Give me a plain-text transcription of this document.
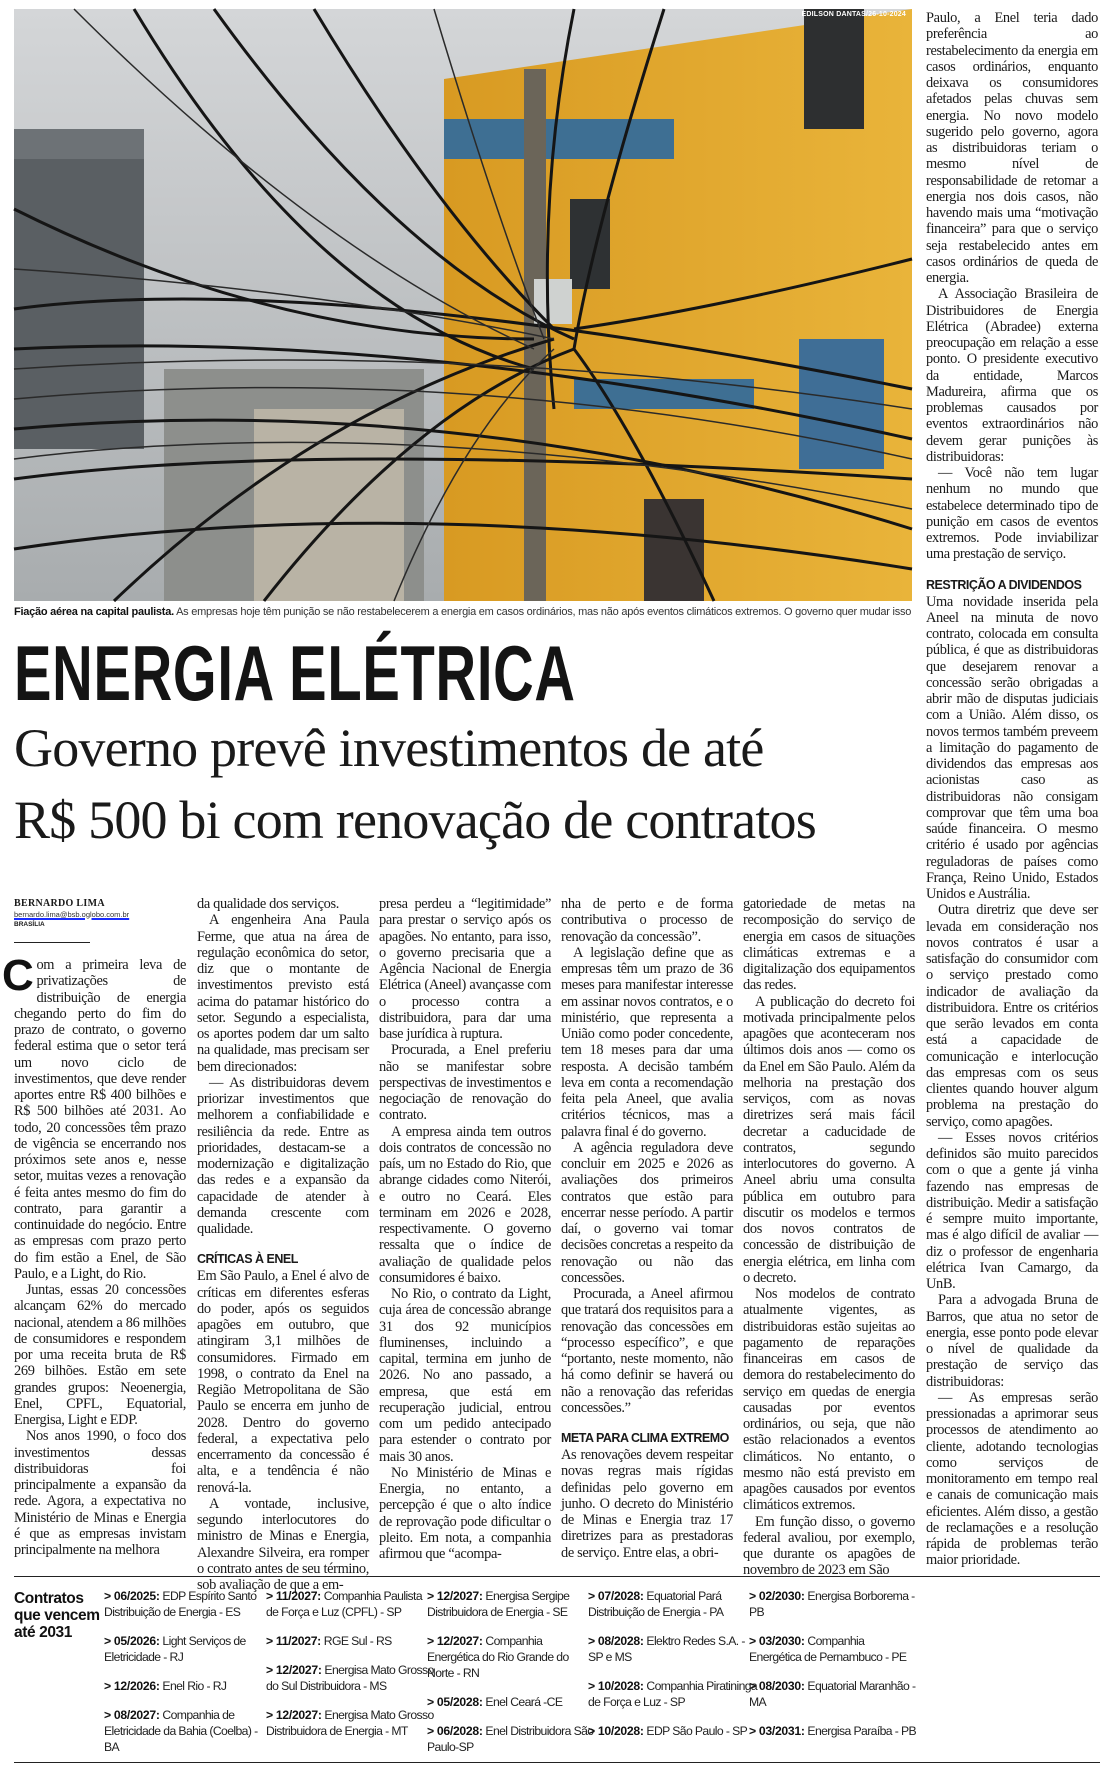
EDILSON DANTAS/26-10-2024
Fiação aérea na capital paulista. As empresas hoje têm punição se não restabelecerem a energia em casos ordinários, mas não após eventos climáticos extremos. O governo quer mudar isso
ENERGIA ELÉTRICA
Governo prevê investimentos de até
R$ 500 bi com renovação de contratos
BERNARDO LIMA
bernardo.lima@bsb.oglobo.com.br
BRASÍLIA

Com a primeira leva de privatizações de distribuição de energia chegando perto do fim do prazo de contrato, o governo federal estima que o setor terá um novo ciclo de investimentos, que deve render aportes entre R$ 400 bilhões e R$ 500 bilhões até 2031. Ao todo, 20 concessões têm prazo de vigência se encerrando nos próximos sete anos e, nesse setor, muitas vezes a renovação é feita antes mesmo do fim do contrato, para garantir a continuidade do negócio. Entre as empresas com prazo perto do fim estão a Enel, de São Paulo, e a Light, do Rio.

Juntas, essas 20 concessões alcançam 62% do mercado nacional, atendem a 86 milhões de consumidores e respondem por uma receita bruta de R$ 269 bilhões. Estão em sete grandes grupos: Neoenergia, Enel, CPFL, Equatorial, Energisa, Light e EDP.

Nos anos 1990, o foco dos investimentos dessas distribuidoras foi principalmente a expansão da rede. Agora, a expectativa no Ministério de Minas e Energia é que as empresas invistam principalmente na melhora

da qualidade dos serviços.

A engenheira Ana Paula Ferme, que atua na área de regulação econômica do setor, diz que o montante de investimentos previsto está acima do patamar histórico do setor. Segundo a especialista, os aportes podem dar um salto na qualidade, mas precisam ser bem direcionados:

— As distribuidoras devem priorizar investimentos que melhorem a confiabilidade e resiliência da rede. Entre as prioridades, destacam-se a modernização e digitalização das redes e a expansão da capacidade de atender à demanda crescente com qualidade.

CRÍTICAS À ENEL

Em São Paulo, a Enel é alvo de críticas em diferentes esferas do poder, após os seguidos apagões em outubro, que atingiram 3,1 milhões de consumidores. Firmado em 1998, o contrato da Enel na Região Metropolitana de São Paulo se encerra em junho de 2028. Dentro do governo federal, a expectativa pelo encerramento da concessão é alta, e a tendência é não renová-la.

A vontade, inclusive, segundo interlocutores do ministro de Minas e Energia, Alexandre Silveira, era romper o contrato antes de seu término, sob avaliação de que a em-

presa perdeu a “legitimidade” para prestar o serviço após os apagões. No entanto, para isso, o governo precisaria que a Agência Nacional de Energia Elétrica (Aneel) avançasse com o processo contra a distribuidora, para dar uma base jurídica à ruptura.

Procurada, a Enel preferiu não se manifestar sobre perspectivas de investimentos e negociação de renovação do contrato.

A empresa ainda tem outros dois contratos de concessão no país, um no Estado do Rio, que abrange cidades como Niterói, e outro no Ceará. Eles terminam em 2026 e 2028, respectivamente. O governo ressalta que o índice de avaliação de qualidade pelos consumidores é baixo.

No Rio, o contrato da Light, cuja área de concessão abrange 31 dos 92 municípios fluminenses, incluindo a capital, termina em junho de 2026. No ano passado, a empresa, que está em recuperação judicial, entrou com um pedido antecipado para estender o contrato por mais 30 anos.

No Ministério de Minas e Energia, no entanto, a percepção é que o alto índice de reprovação pode dificultar o pleito. Em nota, a companhia afirmou que “acompa-

nha de perto e de forma contributiva o processo de renovação da concessão”.

A legislação define que as empresas têm um prazo de 36 meses para manifestar interesse em assinar novos contratos, e o ministério, que representa a União como poder concedente, tem 18 meses para dar uma resposta. A decisão também leva em conta a recomendação feita pela Aneel, que avalia critérios técnicos, mas a palavra final é do governo.

A agência reguladora deve concluir em 2025 e 2026 as avaliações dos primeiros contratos que estão para encerrar nesse período. A partir daí, o governo vai tomar decisões concretas a respeito da renovação ou não das concessões.

Procurada, a Aneel afirmou que tratará dos requisitos para a renovação das concessões em “processo específico”, e que “portanto, neste momento, não há como definir se haverá ou não a renovação das referidas concessões.”

META PARA CLIMA EXTREMO

As renovações devem respeitar novas regras mais rígidas definidas pelo governo em junho. O decreto do Ministério de Minas e Energia traz 17 diretrizes para as prestadoras de serviço. Entre elas, a obri-

gatoriedade de metas na recomposição do serviço de energia em casos de situações climáticas extremas e a digitalização dos equipamentos das redes.

A publicação do decreto foi motivada principalmente pelos apagões que aconteceram nos últimos dois anos — como os da Enel em São Paulo. Além da melhoria na prestação dos serviços, com as novas diretrizes será mais fácil decretar a caducidade de contratos, segundo interlocutores do governo. A Aneel abriu uma consulta pública em outubro para discutir os modelos e termos dos novos contratos de concessão de distribuição de energia elétrica, em linha com o decreto.

Nos modelos de contrato atualmente vigentes, as distribuidoras estão sujeitas ao pagamento de reparações financeiras em casos de demora do restabelecimento do serviço em quedas de energia causadas por eventos ordinários, ou seja, que não estão relacionados a eventos climáticos. No entanto, o mesmo não está previsto em apagões causados por eventos climáticos extremos.

Em função disso, o governo federal avaliou, por exemplo, que durante os apagões de novembro de 2023 em São

Paulo, a Enel teria dado preferência ao restabelecimento da energia em casos ordinários, enquanto deixava os consumidores afetados pelas chuvas sem energia. No novo modelo sugerido pelo governo, agora as distribuidoras teriam o mesmo nível de responsabilidade de retomar a energia nos dois casos, não havendo mais uma “motivação financeira” para que o serviço seja restabelecido antes em casos ordinários de queda de energia.

A Associação Brasileira de Distribuidores de Energia Elétrica (Abradee) externa preocupação em relação a esse ponto. O presidente executivo da entidade, Marcos Madureira, afirma que os problemas causados por eventos extraordinários não devem gerar punições às distribuidoras:

— Você não tem lugar nenhum no mundo que estabelece determinado tipo de punição em casos de eventos extremos. Pode inviabilizar uma prestação de serviço.

RESTRIÇÃO A DIVIDENDOS

Uma novidade inserida pela Aneel na minuta de novo contrato, colocada em consulta pública, é que as distribuidoras que desejarem renovar a concessão serão obrigadas a abrir mão de disputas judiciais com a União. Além disso, os novos termos também preveem a limitação do pagamento de dividendos das empresas aos acionistas caso as distribuidoras não consigam comprovar que têm uma boa saúde financeira. O mesmo critério é usado por agências reguladoras de países como França, Reino Unido, Estados Unidos e Austrália.

Outra diretriz que deve ser levada em consideração nos novos contratos é usar a satisfação do consumidor com o serviço prestado como indicador de avaliação da distribuidora. Entre os critérios que serão levados em conta está a capacidade de comunicação e interlocução das empresas com os seus clientes quando houver algum problema na prestação do serviço, como apagões.

— Esses novos critérios definidos são muito parecidos com o que a gente já vinha fazendo nas empresas de distribuição. Medir a satisfação é sempre muito importante, mas é algo difícil de avaliar — diz o professor de engenharia elétrica Ivan Camargo, da UnB.

Para a advogada Bruna de Barros, que atua no setor de energia, esse ponto pode elevar o nível de qualidade da prestação de serviço das distribuidoras:

— As empresas serão pressionadas a aprimorar seus processos de atendimento ao cliente, adotando tecnologias como serviços de monitoramento em tempo real e canais de comunicação mais eficientes. Além disso, a gestão de reclamações e a resolução rápida de problemas terão maior prioridade.

Contratos que vencem até 2031
> 06/2025: EDP Espírito Santo Distribuição de Energia - ES
> 05/2026: Light Serviços de Eletricidade - RJ
> 12/2026: Enel Rio - RJ
> 08/2027: Companhia de Eletricidade da Bahia (Coelba) - BA
> 11/2027: Companhia Paulista de Força e Luz (CPFL) - SP
> 11/2027: RGE Sul - RS
> 12/2027: Energisa Mato Grosso do Sul Distribuidora - MS
> 12/2027: Energisa Mato Grosso Distribuidora de Energia - MT
> 12/2027: Energisa Sergipe Distribuidora de Energia - SE
> 12/2027: Companhia Energética do Rio Grande do Norte - RN
> 05/2028: Enel Ceará -CE
> 06/2028: Enel Distribuidora São Paulo-SP
> 07/2028: Equatorial Pará Distribuição de Energia - PA
> 08/2028: Elektro Redes S.A. - SP e MS
> 10/2028: Companhia Piratininga de Força e Luz - SP
> 10/2028: EDP São Paulo - SP
> 02/2030: Energisa Borborema - PB
> 03/2030: Companhia Energética de Pernambuco - PE
> 08/2030: Equatorial Maranhão - MA
> 03/2031: Energisa Paraíba - PB
